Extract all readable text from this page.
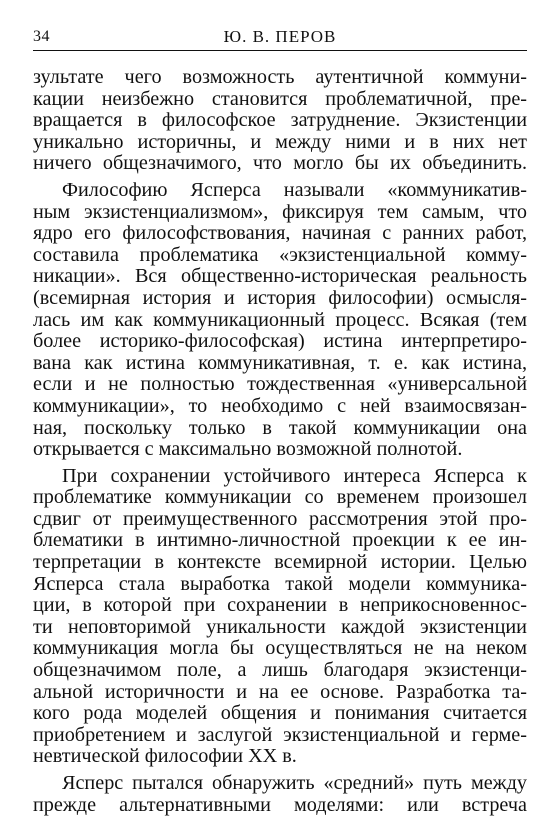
34	Ю. В. ПЕРОВ
зультате чего возможность аутентичной коммуни-
кации неизбежно становится проблематичной, пре-
вращается в философское затруднение. Экзистенции
уникально историчны, и между ними и в них нет
ничего общезначимого, что могло бы их объединить.
Философию Ясперса называли «коммуникатив-
ным экзистенциализмом», фиксируя тем самым, что
ядро его философствования, начиная с ранних работ,
составила проблематика «экзистенциальной комму-
никации». Вся общественно-историческая реальность
(всемирная история и история философии) осмысля-
лась им как коммуникационный процесс. Всякая (тем
более историко-философская) истина интерпретиро-
вана как истина коммуникативная, т. е. как истина,
если и не полностью тождественная «универсальной
коммуникации», то необходимо с ней взаимосвязан-
ная, поскольку только в такой коммуникации она
открывается с максимально возможной полнотой.
При сохранении устойчивого интереса Ясперса к
проблематике коммуникации со временем произошел
сдвиг от преимущественного рассмотрения этой про-
блематики в интимно-личностной проекции к ее ин-
терпретации в контексте всемирной истории. Целью
Ясперса стала выработка такой модели коммуника-
ции, в которой при сохранении в неприкосновеннос-
ти неповторимой уникальности каждой экзистенции
коммуникация могла бы осуществляться не на неком
общезначимом поле, а лишь благодаря экзистенци-
альной историчности и на ее основе. Разработка та-
кого рода моделей общения и понимания считается
приобретением и заслугой экзистенциальной и герме-
невтической философии XX в.
Ясперс пытался обнаружить «средний» путь между
прежде альтернативными моделями: или встреча
